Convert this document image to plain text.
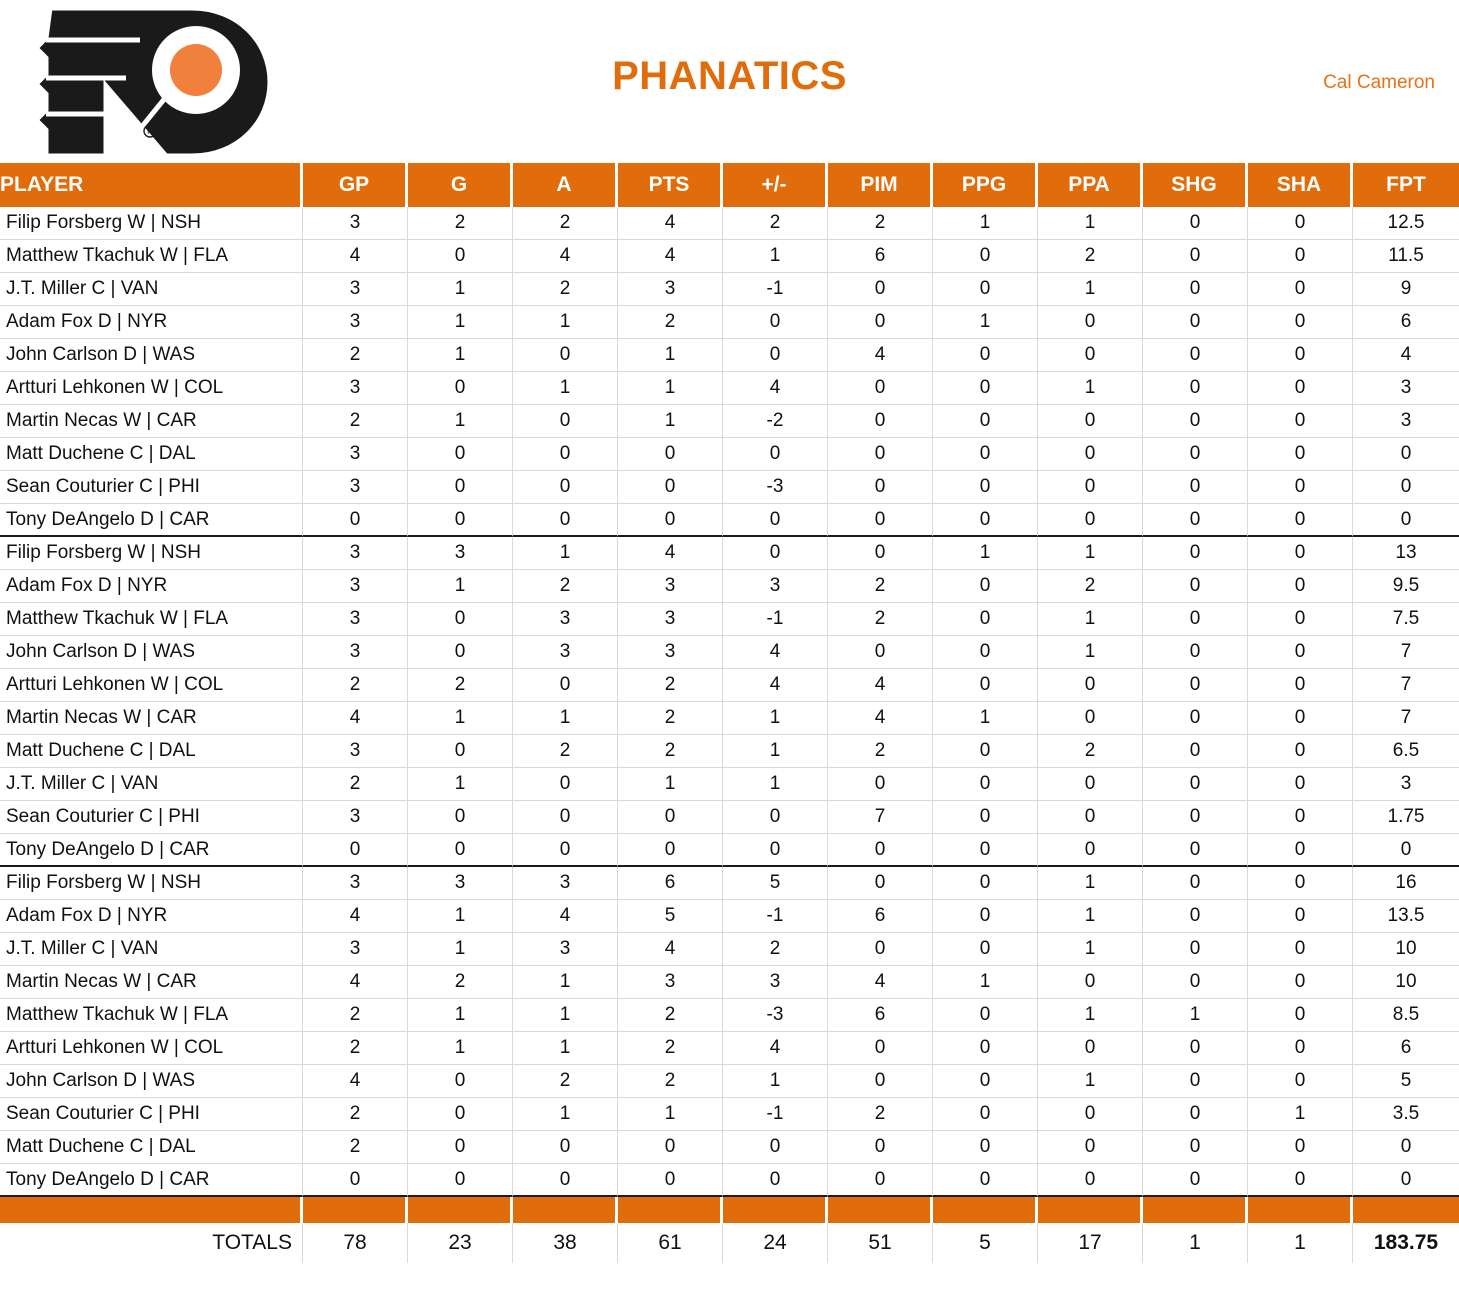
R
PHANATICS	Cal Cameron
PLAYER	GP	G	A	PTS	+/-	PIM	PPG	PPA	SHG	SHA	FPT
Filip Forsberg W | NSH	3	2	2	4	2	2	1	1	0	0	12.5
Matthew Tkachuk W | FLA	4	0	4	4	1	6	0	2	0	0	11.5
J.T. Miller C | VAN	3	1	2	3	-1	0	0	1	0	0	9
Adam Fox D | NYR	3	1	1	2	0	0	1	0	0	0	6
John Carlson D | WAS	2	1	0	1	0	4	0	0	0	0	4
Artturi Lehkonen W | COL	3	0	1	1	4	0	0	1	0	0	3
Martin Necas W | CAR	2	1	0	1	-2	0	0	0	0	0	3
Matt Duchene C | DAL	3	0	0	0	0	0	0	0	0	0	0
Sean Couturier C | PHI	3	0	0	0	-3	0	0	0	0	0	0
Tony DeAngelo D | CAR	0	0	0	0	0	0	0	0	0	0	0
Filip Forsberg W | NSH	3	3	1	4	0	0	1	1	0	0	13
Adam Fox D | NYR	3	1	2	3	3	2	0	2	0	0	9.5
Matthew Tkachuk W | FLA	3	0	3	3	-1	2	0	1	0	0	7.5
John Carlson D | WAS	3	0	3	3	4	0	0	1	0	0	7
Artturi Lehkonen W | COL	2	2	0	2	4	4	0	0	0	0	7
Martin Necas W | CAR	4	1	1	2	1	4	1	0	0	0	7
Matt Duchene C | DAL	3	0	2	2	1	2	0	2	0	0	6.5
J.T. Miller C | VAN	2	1	0	1	1	0	0	0	0	0	3
Sean Couturier C | PHI	3	0	0	0	0	7	0	0	0	0	1.75
Tony DeAngelo D | CAR	0	0	0	0	0	0	0	0	0	0	0
Filip Forsberg W | NSH	3	3	3	6	5	0	0	1	0	0	16
Adam Fox D | NYR	4	1	4	5	-1	6	0	1	0	0	13.5
J.T. Miller C | VAN	3	1	3	4	2	0	0	1	0	0	10
Martin Necas W | CAR	4	2	1	3	3	4	1	0	0	0	10
Matthew Tkachuk W | FLA	2	1	1	2	-3	6	0	1	1	0	8.5
Artturi Lehkonen W | COL	2	1	1	2	4	0	0	0	0	0	6
John Carlson D | WAS	4	0	2	2	1	0	0	1	0	0	5
Sean Couturier C | PHI	2	0	1	1	-1	2	0	0	0	1	3.5
Matt Duchene C | DAL	2	0	0	0	0	0	0	0	0	0	0
Tony DeAngelo D | CAR	0	0	0	0	0	0	0	0	0	0	0

TOTALS	78	23	38	61	24	51	5	17	1	1	183.75
